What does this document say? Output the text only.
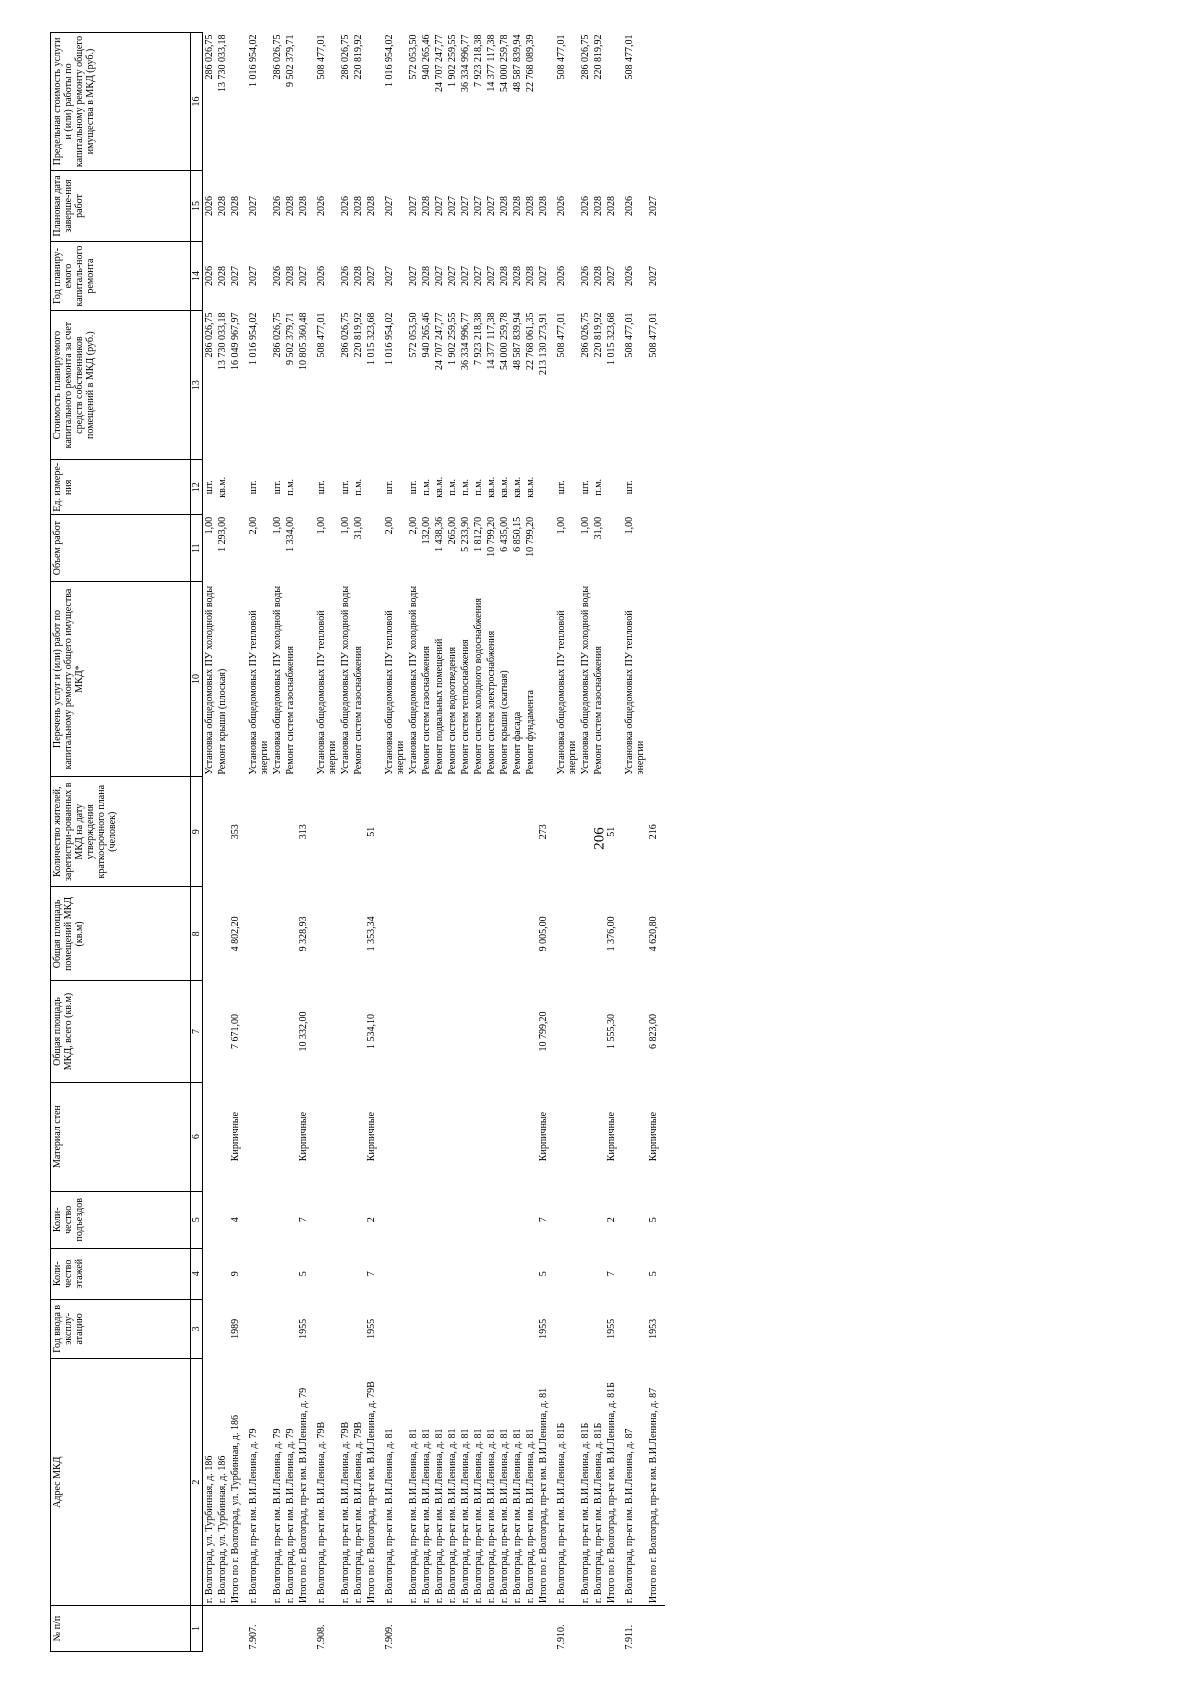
206
№ п/п	Адрес МКД	Год ввода в эксплу-атацию	Коли-чество этажей	Коли-чество подъездов	Материал стен	Общая площадь МКД, всего (кв.м)	Общая площадь помещений МКД (кв.м)	Количество жителей, зарегистри-рованных в МКД на дату утверждения краткосрочного плана (человек)	Перечень услуг и (или) работ по капитальному ремонту общего имущества МКД*	Объем работ	Ед. измере-ния	Стоимость планируемого капитального ремонта за счет средств собственников помещений в МКД (руб.)	Год планиру-емого капиталь-ного ремонта	Плановая дата заверше-ния работ	Предельная стоимость услуги и (или) работы по капитальному ремонту общего имущества в МКД (руб.)
1	2	3	4	5	6	7	8	9	10	11	12	13	14	15	16
	г. Волгоград, ул. Турбинная, д. 186								Установка общедомовых ПУ холодной воды	1,00	шт.	286 026,75	2026	2026	286 026,75
	г. Волгоград, ул. Турбинная, д. 186								Ремонт крыши (плоская)	1 293,00	кв.м.	13 730 033,18	2028	2028	13 730 033,18
	Итого по г. Волгоград, ул. Турбинная, д. 186	1989	9	4	Кирпичные	7 671,00	4 802,20	353				16 049 967,97	2027	2028	
7.907.	г. Волгоград, пр-кт им. В.И.Ленина, д. 79								Установка общедомовых ПУ тепловой энергии	2,00	шт.	1 016 954,02	2027	2027	1 016 954,02
	г. Волгоград, пр-кт им. В.И.Ленина, д. 79								Установка общедомовых ПУ холодной воды	1,00	шт.	286 026,75	2026	2026	286 026,75
	г. Волгоград, пр-кт им. В.И.Ленина, д. 79								Ремонт систем газоснабжения	1 334,00	п.м.	9 502 379,71	2028	2028	9 502 379,71
	Итого по г. Волгоград, пр-кт им. В.И.Ленина, д. 79	1955	5	7	Кирпичные	10 332,00	9 328,93	313				10 805 360,48	2027	2028	
7.908.	г. Волгоград, пр-кт им. В.И.Ленина, д. 79В								Установка общедомовых ПУ тепловой энергии	1,00	шт.	508 477,01	2026	2026	508 477,01
	г. Волгоград, пр-кт им. В.И.Ленина, д. 79В								Установка общедомовых ПУ холодной воды	1,00	шт.	286 026,75	2026	2026	286 026,75
	г. Волгоград, пр-кт им. В.И.Ленина, д. 79В								Ремонт систем газоснабжения	31,00	п.м.	220 819,92	2028	2028	220 819,92
	Итого по г. Волгоград, пр-кт им. В.И.Ленина, д. 79В	1955	7	2	Кирпичные	1 534,10	1 353,34	51				1 015 323,68	2027	2028	
7.909.	г. Волгоград, пр-кт им. В.И.Ленина, д. 81								Установка общедомовых ПУ тепловой энергии	2,00	шт.	1 016 954,02	2027	2027	1 016 954,02
	г. Волгоград, пр-кт им. В.И.Ленина, д. 81								Установка общедомовых ПУ холодной воды	2,00	шт.	572 053,50	2027	2027	572 053,50
	г. Волгоград, пр-кт им. В.И.Ленина, д. 81								Ремонт систем газоснабжения	132,00	п.м.	940 265,46	2028	2028	940 265,46
	г. Волгоград, пр-кт им. В.И.Ленина, д. 81								Ремонт подвальных помещений	1 438,36	кв.м.	24 707 247,77	2027	2027	24 707 247,77
	г. Волгоград, пр-кт им. В.И.Ленина, д. 81								Ремонт систем водоотведения	265,00	п.м.	1 902 259,55	2027	2027	1 902 259,55
	г. Волгоград, пр-кт им. В.И.Ленина, д. 81								Ремонт систем теплоснабжения	5 233,90	п.м.	36 334 996,77	2027	2027	36 334 996,77
	г. Волгоград, пр-кт им. В.И.Ленина, д. 81								Ремонт систем холодного водоснабжения	1 812,70	п.м.	7 923 218,38	2027	2027	7 923 218,38
	г. Волгоград, пр-кт им. В.И.Ленина, д. 81								Ремонт систем электроснабжения	10 799,20	кв.м.	14 377 117,38	2027	2027	14 377 117,38
	г. Волгоград, пр-кт им. В.И.Ленина, д. 81								Ремонт крыши (скатная)	6 435,00	кв.м.	54 000 259,78	2028	2028	54 000 259,78
	г. Волгоград, пр-кт им. В.И.Ленина, д. 81								Ремонт фасада	6 850,15	кв.м.	48 587 839,94	2028	2028	48 587 839,94
	г. Волгоград, пр-кт им. В.И.Ленина, д. 81								Ремонт фундамента	10 799,20	кв.м.	22 768 061,35	2028	2028	22 768 089,39
	Итого по г. Волгоград, пр-кт им. В.И.Ленина, д. 81	1955	5	7	Кирпичные	10 799,20	9 005,00	273				213 130 273,91	2027	2028	
7.910.	г. Волгоград, пр-кт им. В.И.Ленина, д. 81Б								Установка общедомовых ПУ тепловой энергии	1,00	шт.	508 477,01	2026	2026	508 477,01
	г. Волгоград, пр-кт им. В.И.Ленина, д. 81Б								Установка общедомовых ПУ холодной воды	1,00	шт.	286 026,75	2026	2026	286 026,75
	г. Волгоград, пр-кт им. В.И.Ленина, д. 81Б								Ремонт систем газоснабжения	31,00	п.м.	220 819,92	2028	2028	220 819,92
	Итого по г. Волгоград, пр-кт им. В.И.Ленина, д. 81Б	1955	7	2	Кирпичные	1 555,30	1 376,00	51				1 015 323,68	2027	2028	
7.911.	г. Волгоград, пр-кт им. В.И.Ленина, д. 87								Установка общедомовых ПУ тепловой энергии	1,00	шт.	508 477,01	2026	2026	508 477,01
	Итого по г. Волгоград, пр-кт им. В.И.Ленина, д. 87	1953	5	5	Кирпичные	6 823,00	4 620,80	216				508 477,01	2027	2027	
